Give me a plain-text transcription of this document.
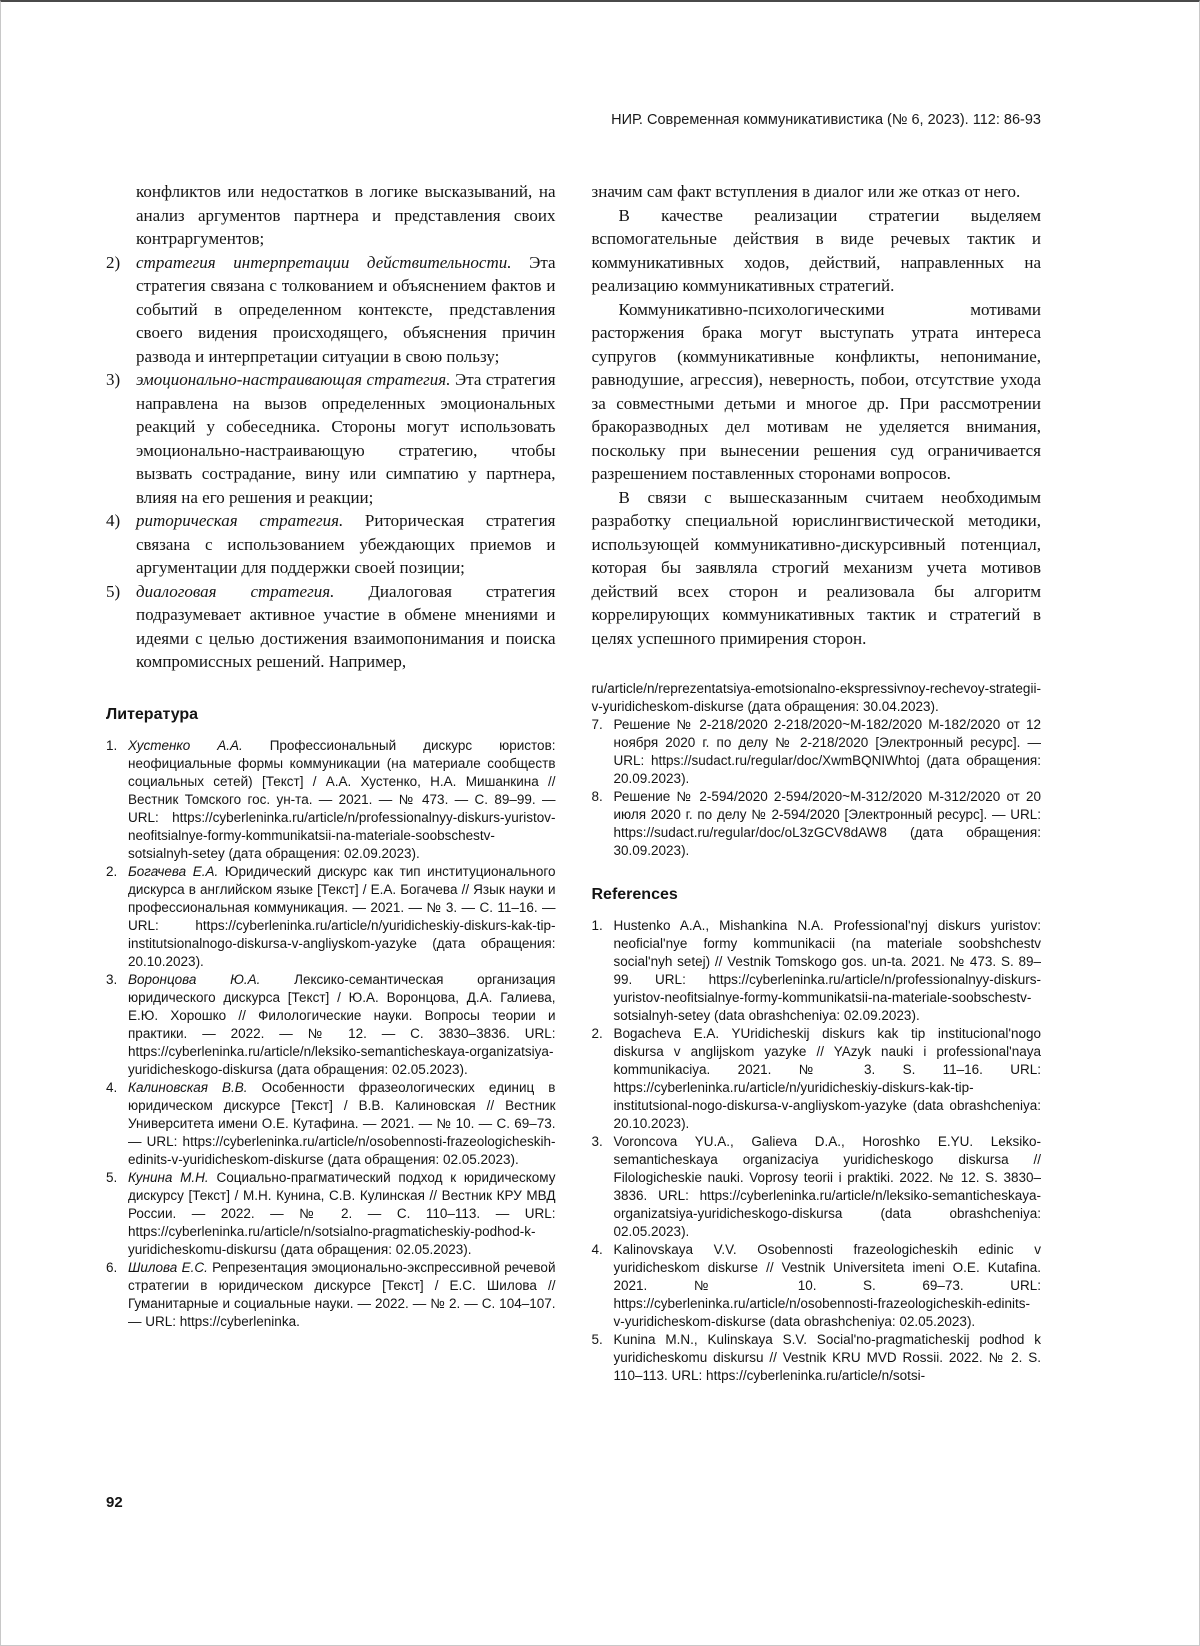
НИР. Современная коммуникативистика (№ 6, 2023). 112: 86-93
конфликтов или недостатков в логике высказываний, на анализ аргументов партнера и представления своих контраргументов;
2) стратегия интерпретации действительности. Эта стратегия связана с толкованием и объяснением фактов и событий в определенном контексте, представления своего видения происходящего, объяснения причин развода и интерпретации ситуации в свою пользу;
3) эмоционально-настраивающая стратегия. Эта стратегия направлена на вызов определенных эмоциональных реакций у собеседника. Стороны могут использовать эмоционально-настраивающую стратегию, чтобы вызвать сострадание, вину или симпатию у партнера, влияя на его решения и реакции;
4) риторическая стратегия. Риторическая стратегия связана с использованием убеждающих приемов и аргументации для поддержки своей позиции;
5) диалоговая стратегия. Диалоговая стратегия подразумевает активное участие в обмене мнениями и идеями с целью достижения взаимопонимания и поиска компромиссных решений. Например,
Литература
1. Хустенко А.А. Профессиональный дискурс юристов: неофициальные формы коммуникации (на материале сообществ социальных сетей) [Текст] / А.А. Хустенко, Н.А. Мишанкина // Вестник Томского гос. ун-та. — 2021. — № 473. — С. 89–99. — URL: https://cyberleninka.ru/article/n/professionalnyy-diskurs-yuristov-neofitsialnye-formy-kommunikatsii-na-materiale-soobschestv-sotsialnyh-setey (дата обращения: 02.09.2023).
2. Богачева Е.А. Юридический дискурс как тип институционального дискурса в английском языке [Текст] / Е.А. Богачева // Язык науки и профессиональная коммуникация. — 2021. — № 3. — С. 11–16. — URL: https://cyberleninka.ru/article/n/yuridicheskiy-diskurs-kak-tip-institutsionalnogo-diskursa-v-angliyskom-yazyke (дата обращения: 20.10.2023).
3. Воронцова Ю.А. Лексико-семантическая организация юридического дискурса [Текст] / Ю.А. Воронцова, Д.А. Галиева, Е.Ю. Хорошко // Филологические науки. Вопросы теории и практики. — 2022. — № 12. — С. 3830–3836. URL: https://cyberleninka.ru/article/n/leksiko-semanticheskaya-organizatsiya-yuridicheskogo-diskursa (дата обращения: 02.05.2023).
4. Калиновская В.В. Особенности фразеологических единиц в юридическом дискурсе [Текст] / В.В. Калиновская // Вестник Университета имени О.Е. Кутафина. — 2021. — № 10. — С. 69–73. — URL: https://cyberleninka.ru/article/n/osobennosti-frazeologicheskih-edinits-v-yuridicheskom-diskurse (дата обращения: 02.05.2023).
5. Кунина М.Н. Социально-прагматический подход к юридическому дискурсу [Текст] / М.Н. Кунина, С.В. Кулинская // Вестник КРУ МВД России. — 2022. — № 2. — С. 110–113. — URL: https://cyberleninka.ru/article/n/sotsialno-pragmaticheskiy-podhod-k-yuridicheskomu-diskursu (дата обращения: 02.05.2023).
6. Шилова Е.С. Репрезентация эмоционально-экспрессивной речевой стратегии в юридическом дискурсе [Текст] / Е.С. Шилова // Гуманитарные и социальные науки. — 2022. — № 2. — С. 104–107. — URL: https://cyberleninka.
значим сам факт вступления в диалог или же отказ от него.
В качестве реализации стратегии выделяем вспомогательные действия в виде речевых тактик и коммуникативных ходов, действий, направленных на реализацию коммуникативных стратегий.
Коммуникативно-психологическими мотивами расторжения брака могут выступать утрата интереса супругов (коммуникативные конфликты, непонимание, равнодушие, агрессия), неверность, побои, отсутствие ухода за совместными детьми и многое др. При рассмотрении бракоразводных дел мотивам не уделяется внимания, поскольку при вынесении решения суд ограничивается разрешением поставленных сторонами вопросов.
В связи с вышесказанным считаем необходимым разработку специальной юрислингвистической методики, использующей коммуникативно-дискурсивный потенциал, которая бы заявляла строгий механизм учета мотивов действий всех сторон и реализовала бы алгоритм коррелирующих коммуникативных тактик и стратегий в целях успешного примирения сторон.
ru/article/n/reprezentatsiya-emotsionalno-ekspressivnoy-rechevoy-strategii-v-yuridicheskom-diskurse (дата обращения: 30.04.2023).
7. Решение № 2-218/2020 2-218/2020~М-182/2020 М-182/2020 от 12 ноября 2020 г. по делу № 2-218/2020 [Электронный ресурс]. — URL: https://sudact.ru/regular/doc/XwmBQNIWhtoj (дата обращения: 20.09.2023).
8. Решение № 2-594/2020 2-594/2020~М-312/2020 М-312/2020 от 20 июля 2020 г. по делу № 2-594/2020 [Электронный ресурс]. — URL: https://sudact.ru/regular/doc/oL3zGCV8dAW8 (дата обращения: 30.09.2023).
References
1. Hustenko A.A., Mishankina N.A. Professional'nyj diskurs yuristov: neoficial'nye formy kommunikacii (na materiale soobshchestv social'nyh setej) // Vestnik Tomskogo gos. un-ta. 2021. № 473. S. 89–99. URL: https://cyberleninka.ru/article/n/professionalnyy-diskurs-yuristov-neofitsialnye-formy-kommunikatsii-na-materiale-soobschestv-sotsialnyh-setey (data obrashcheniya: 02.09.2023).
2. Bogacheva E.A. YUridicheskij diskurs kak tip institucional'nogo diskursa v anglijskom yazyke // YAzyk nauki i professional'naya kommunikaciya. 2021. № 3. S. 11–16. URL: https://cyberleninka.ru/article/n/yuridicheskiy-diskurs-kak-tip-institutsional-nogo-diskursa-v-angliyskom-yazyke (data obrashcheniya: 20.10.2023).
3. Voroncova YU.A., Galieva D.A., Horoshko E.YU. Leksiko-semanticheskaya organizaciya yuridicheskogo diskursa // Filologicheskie nauki. Voprosy teorii i praktiki. 2022. № 12. S. 3830–3836. URL: https://cyberleninka.ru/article/n/leksiko-semanticheskaya-organizatsiya-yuridicheskogo-diskursa (data obrashcheniya: 02.05.2023).
4. Kalinovskaya V.V. Osobennosti frazeologicheskih edinic v yuridicheskom diskurse // Vestnik Universiteta imeni O.E. Kutafina. 2021. № 10. S. 69–73. URL: https://cyberleninka.ru/article/n/osobennosti-frazeologicheskih-edinits-v-yuridicheskom-diskurse (data obrashcheniya: 02.05.2023).
5. Kunina M.N., Kulinskaya S.V. Social'no-pragmaticheskij podhod k yuridicheskomu diskursu // Vestnik KRU MVD Rossii. 2022. № 2. S. 110–113. URL: https://cyberleninka.ru/article/n/sotsi-
92
